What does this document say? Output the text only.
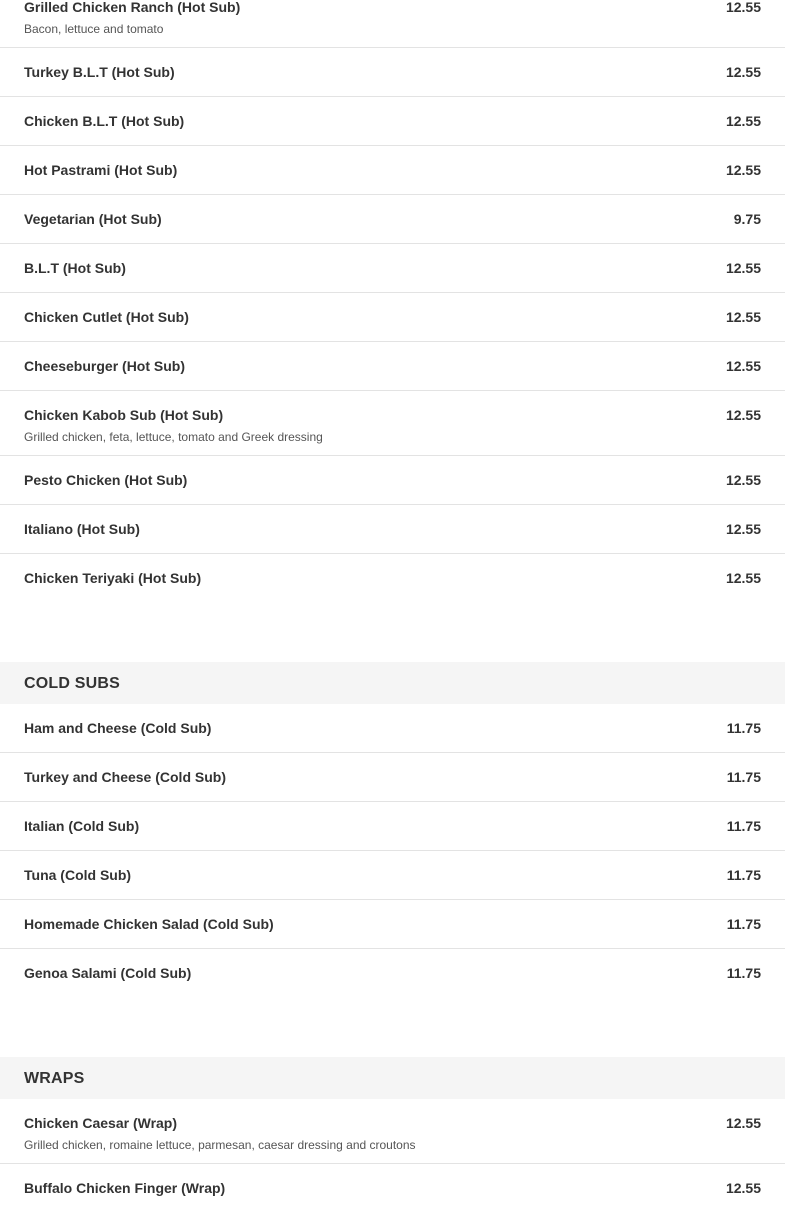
Grilled Chicken Ranch (Hot Sub)
Bacon, lettuce and tomato
12.55
Turkey B.L.T (Hot Sub)	12.55
Chicken B.L.T (Hot Sub)	12.55
Hot Pastrami (Hot Sub)	12.55
Vegetarian (Hot Sub)	9.75
B.L.T (Hot Sub)	12.55
Chicken Cutlet (Hot Sub)	12.55
Cheeseburger (Hot Sub)	12.55
Chicken Kabob Sub (Hot Sub)
Grilled chicken, feta, lettuce, tomato and Greek dressing
12.55
Pesto Chicken (Hot Sub)	12.55
Italiano (Hot Sub)	12.55
Chicken Teriyaki (Hot Sub)	12.55
COLD SUBS
Ham and Cheese (Cold Sub)	11.75
Turkey and Cheese (Cold Sub)	11.75
Italian (Cold Sub)	11.75
Tuna (Cold Sub)	11.75
Homemade Chicken Salad (Cold Sub)	11.75
Genoa Salami (Cold Sub)	11.75
WRAPS
Chicken Caesar (Wrap)
Grilled chicken, romaine lettuce, parmesan, caesar dressing and croutons
12.55
Buffalo Chicken Finger (Wrap)	12.55
